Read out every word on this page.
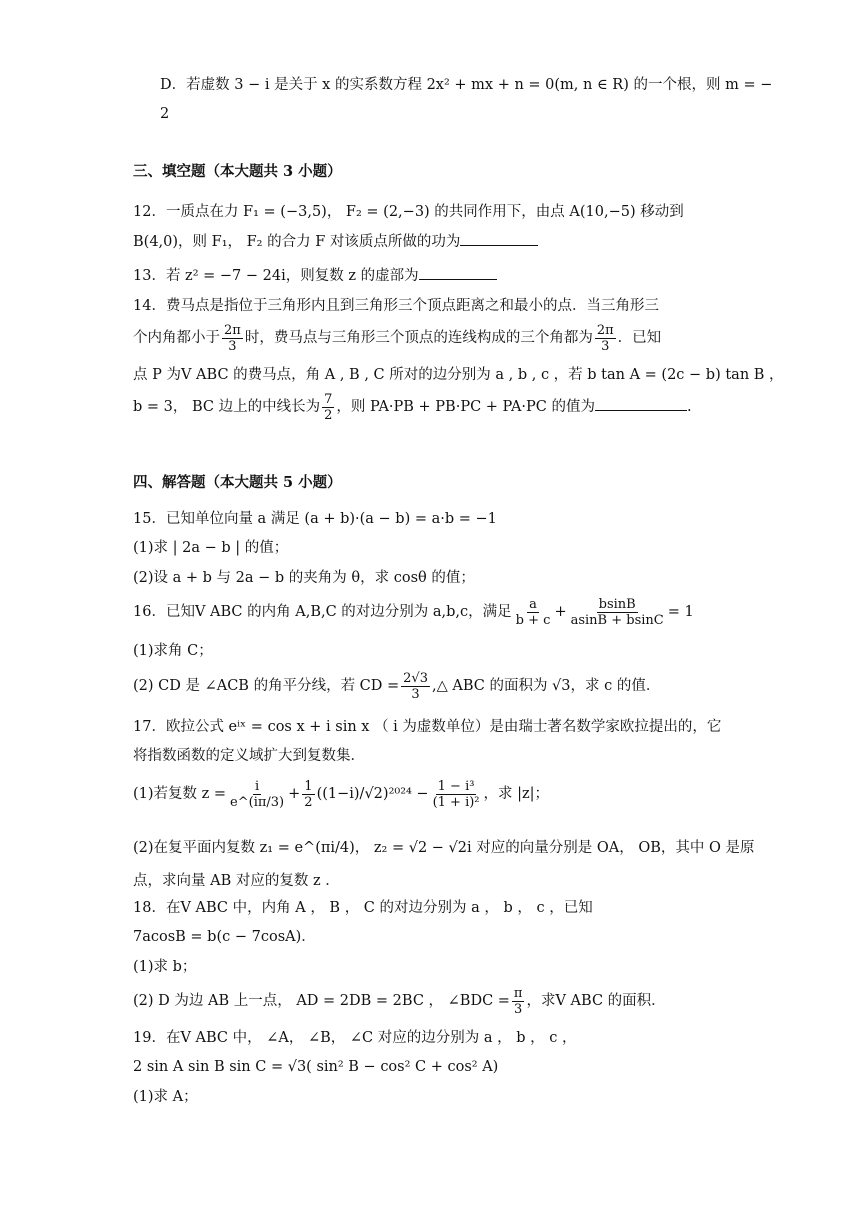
D．若虚数 3 − i 是关于 x 的实系数方程 2x² + mx + n = 0(m, n ∈ R) 的一个根，则 m = −
2
三、填空题（本大题共 3 小题）
12．一质点在力 F₁ = (−3,5)， F₂ = (2,−3) 的共同作用下，由点 A(10,−5) 移动到
B(4,0)，则 F₁， F₂ 的合力 F 对该质点所做的功为
13．若 z² = −7 − 24i，则复数 z 的虚部为
14．费马点是指位于三角形内且到三角形三个顶点距离之和最小的点．当三角形三
个内角都小于 $\frac{2\pi}{3}$ 时，费马点与三角形三个顶点的连线构成的三个角都为 $\frac{2\pi}{3}$ ．已知
点 P 为V ABC 的费马点，角 A , B , C 所对的边分别为 a , b , c ，若 b tan A = (2c − b) tan B ，
b = 3， BC 边上的中线长为 $\frac{7}{2}$ ，则 PA·PB + PB·PC + PA·PC 的值为	.
四、解答题（本大题共 5 小题）
15．已知单位向量 a 满足 (a + b)·(a − b) = a·b = −1
(1)求 | 2a − b | 的值；
(2)设 a + b 与 2a − b 的夹角为 θ，求 cosθ 的值；
16．已知V ABC 的内角 A,B,C 的对边分别为 a,b,c，满足 $\frac{a}{b + c} + \frac{bsinB}{asinB + bsinC} = 1$
(1)求角 C；
(2) CD 是 ∠ACB 的角平分线，若 CD = $\frac{2√3}{3}$ ,△ ABC 的面积为 √3，求 c 的值．
17．欧拉公式 eⁱˣ = cos x + i sin x （ i 为虚数单位）是由瑞士著名数学家欧拉提出的，它
将指数函数的定义域扩大到复数集．
(1)若复数 $z = \frac{i}{e\^{}(i\pi/3)} + \frac{1}{2} ((1-i)/√2)^{2024} - \frac{\text{1 − i³}}{\text{(1 + i)²}}$ ，求 |z|；
(2)在复平面内复数 z₁ = e^(πi/4)， z₂ = √2 − √2i 对应的向量分别是 OA， OB，其中 O 是原
点，求向量 AB 对应的复数 z ．
18．在V ABC 中，内角 A ， B ， C 的对边分别为 a ， b ， c ，已知
7acosB = b(c − 7cosA)．
(1)求 b；
(2) D 为边 AB 上一点， AD = 2DB = 2BC ， ∠BDC = $\frac{\pi}{3}$ ，求V ABC 的面积．
19．在V ABC 中， ∠A， ∠B， ∠C 对应的边分别为 a ， b ， c ，
2 sin A sin B sin C = √3( sin² B − cos² C + cos² A)
(1)求 A；
